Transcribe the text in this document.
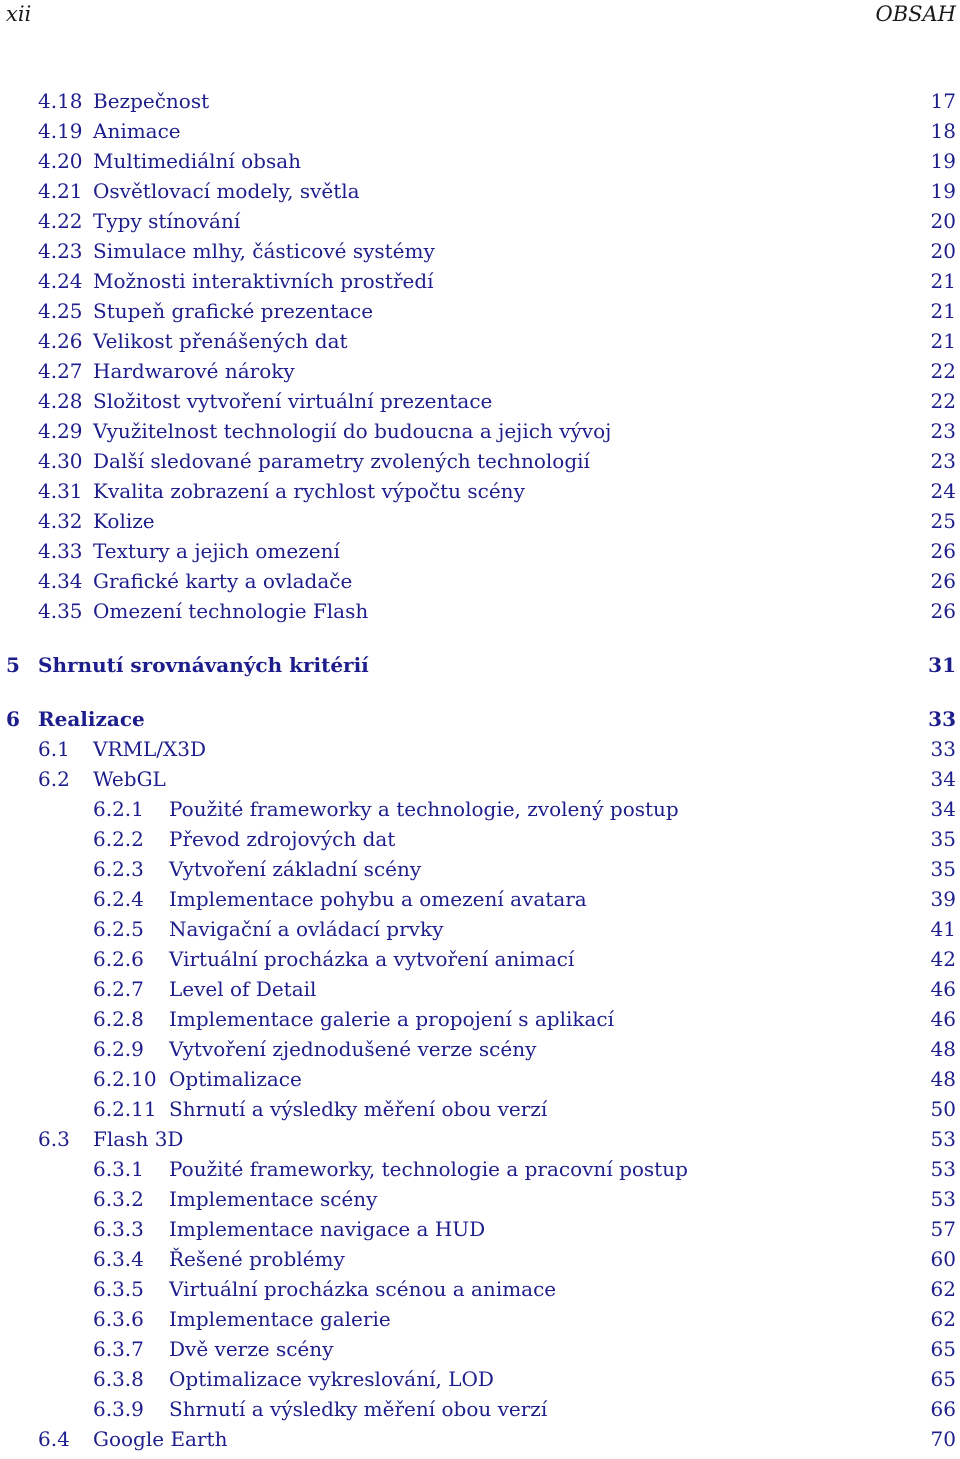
xii	OBSAH
4.18 Bezpečnost	17
4.19 Animace	18
4.20 Multimediální obsah	19
4.21 Osvětlovací modely, světla	19
4.22 Typy stínování	20
4.23 Simulace mlhy, částicové systémy	20
4.24 Možnosti interaktivních prostředí	21
4.25 Stupeň grafické prezentace	21
4.26 Velikost přenášených dat	21
4.27 Hardwarové nároky	22
4.28 Složitost vytvoření virtuální prezentace	22
4.29 Využitelnost technologií do budoucna a jejich vývoj	23
4.30 Další sledované parametry zvolených technologií	23
4.31 Kvalita zobrazení a rychlost výpočtu scény	24
4.32 Kolize	25
4.33 Textury a jejich omezení	26
4.34 Grafické karty a ovladače	26
4.35 Omezení technologie Flash	26
5 Shrnutí srovnávaných kritérií	31
6 Realizace	33
6.1 VRML/X3D	33
6.2 WebGL	34
6.2.1 Použité frameworky a technologie, zvolený postup	34
6.2.2 Převod zdrojových dat	35
6.2.3 Vytvoření základní scény	35
6.2.4 Implementace pohybu a omezení avatara	39
6.2.5 Navigační a ovládací prvky	41
6.2.6 Virtuální procházka a vytvoření animací	42
6.2.7 Level of Detail	46
6.2.8 Implementace galerie a propojení s aplikací	46
6.2.9 Vytvoření zjednodušené verze scény	48
6.2.10 Optimalizace	48
6.2.11 Shrnutí a výsledky měření obou verzí	50
6.3 Flash 3D	53
6.3.1 Použité frameworky, technologie a pracovní postup	53
6.3.2 Implementace scény	53
6.3.3 Implementace navigace a HUD	57
6.3.4 Řešené problémy	60
6.3.5 Virtuální procházka scénou a animace	62
6.3.6 Implementace galerie	62
6.3.7 Dvě verze scény	65
6.3.8 Optimalizace vykreslování, LOD	65
6.3.9 Shrnutí a výsledky měření obou verzí	66
6.4 Google Earth	70
